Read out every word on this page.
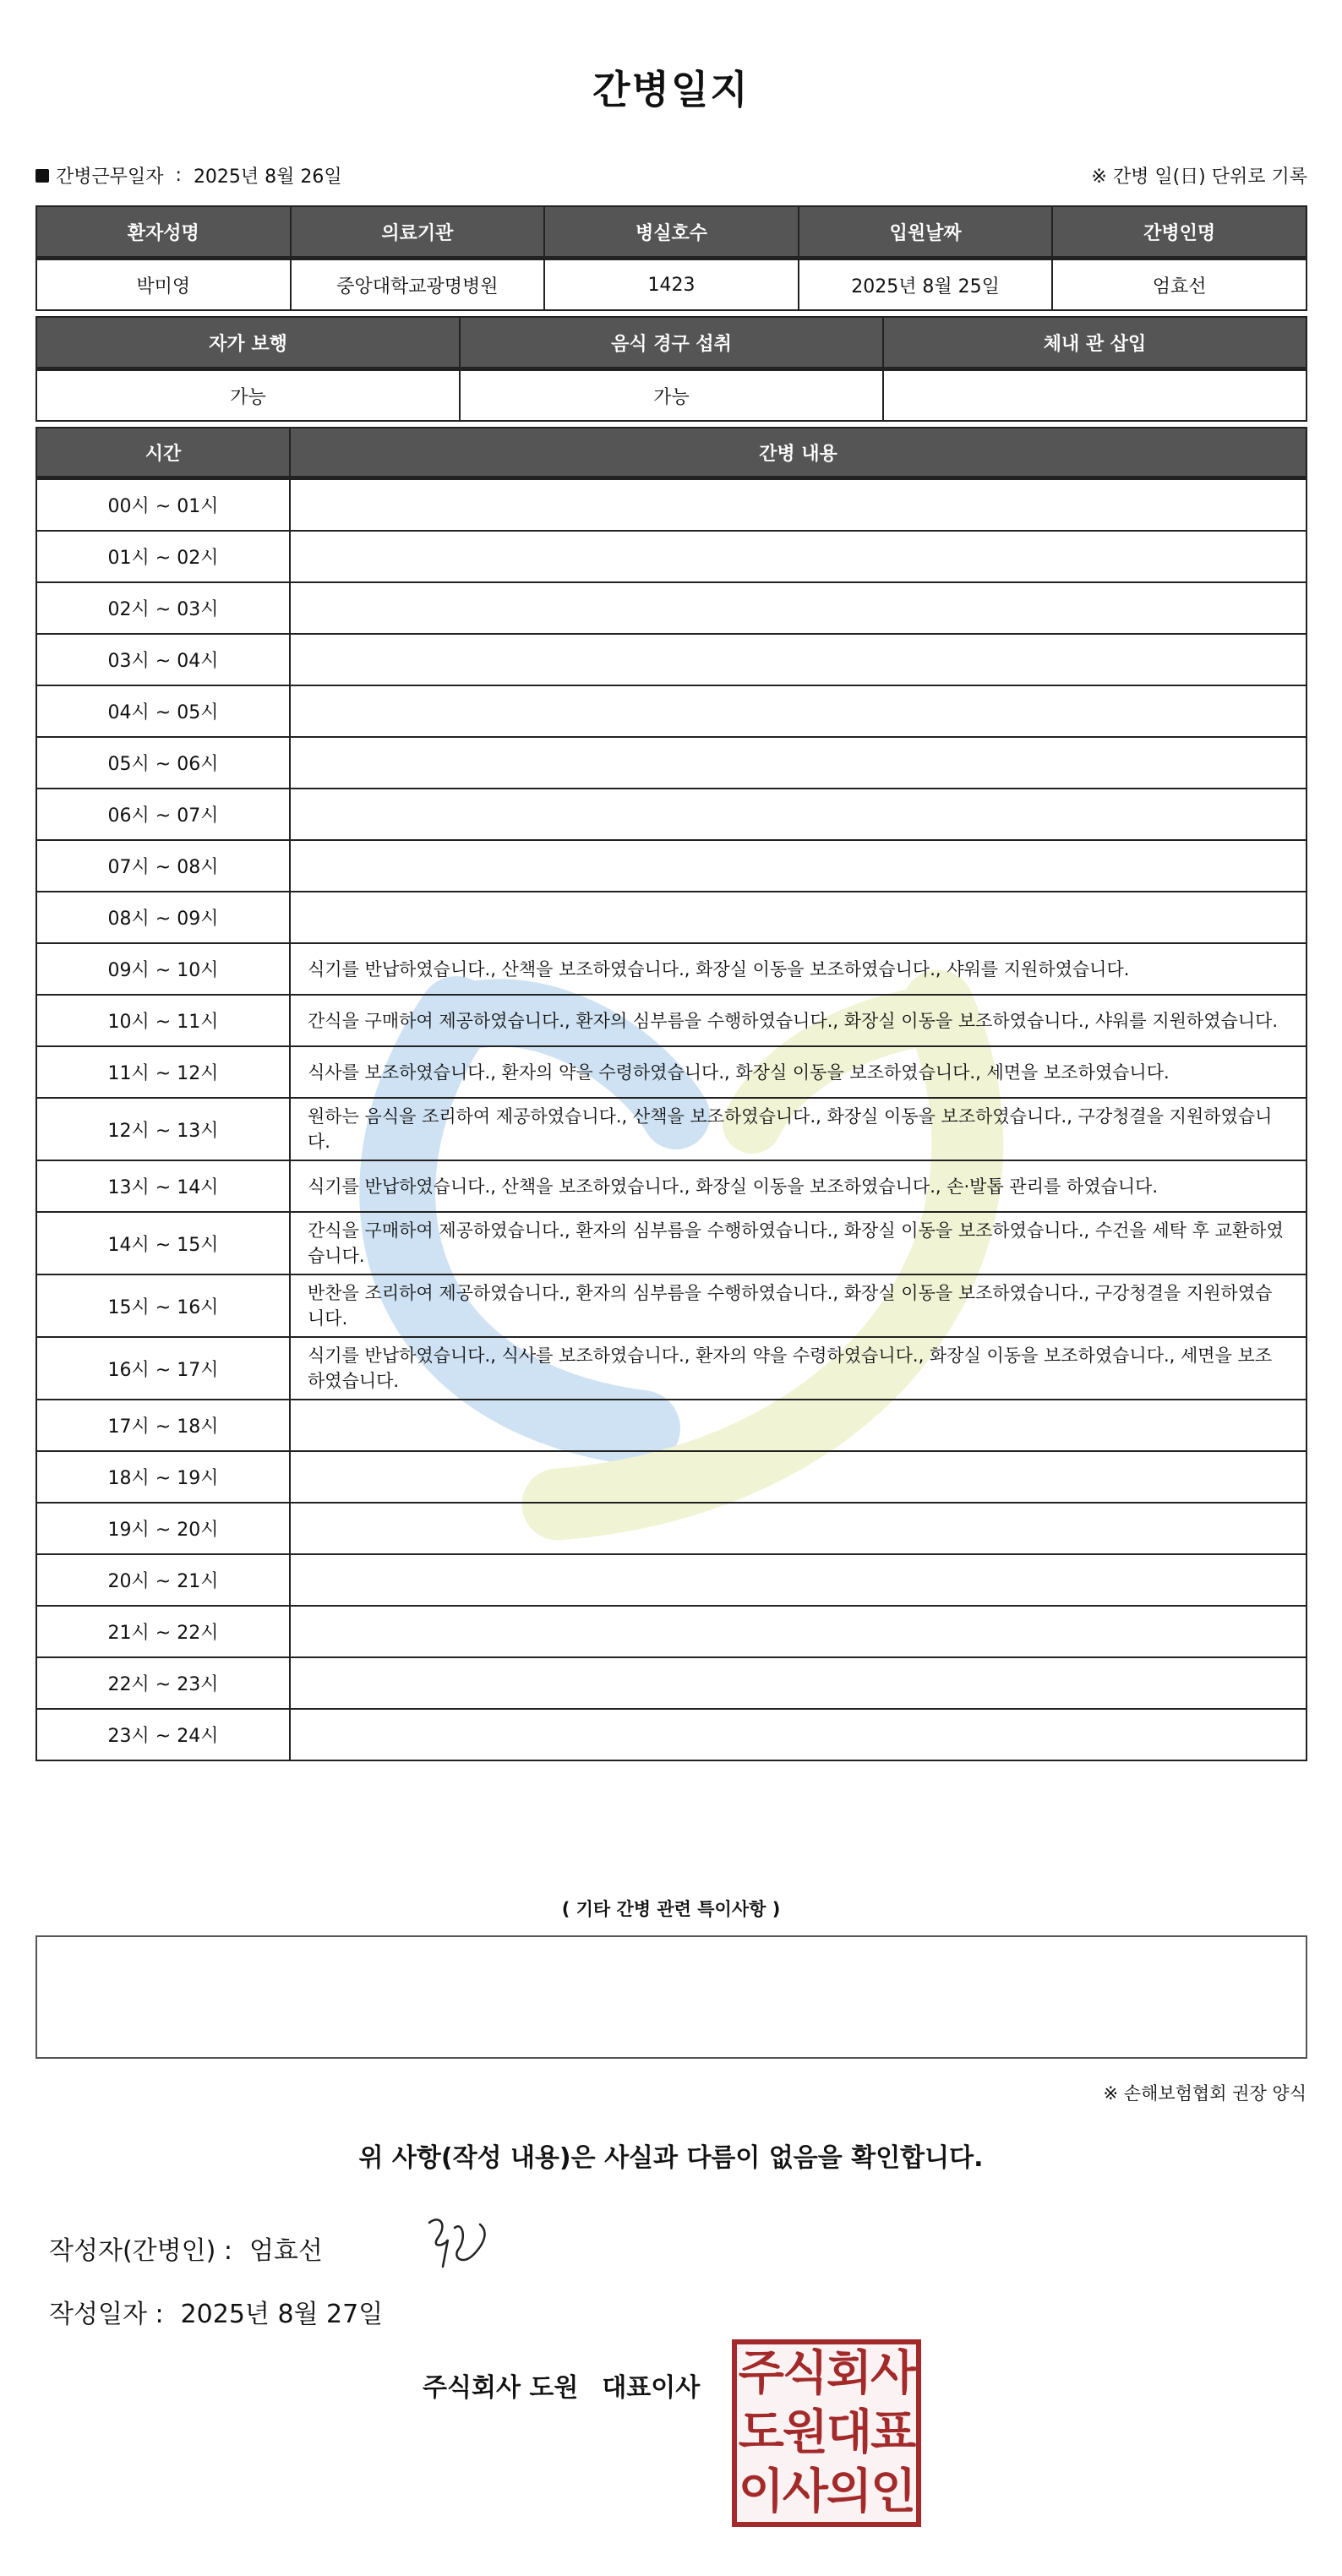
간병일지
간병근무일자 : 2025년 8월 26일	※ 간병 일(日) 단위로 기록
환자성명	의료기관	병실호수	입원날짜	간병인명
박미영	중앙대학교광명병원	1423	2025년 8월 25일	엄효선
자가 보행	음식 경구 섭취	체내 관 삽입
가능	가능	
시간	간병 내용
00시 ~ 01시	
01시 ~ 02시	
02시 ~ 03시	
03시 ~ 04시	
04시 ~ 05시	
05시 ~ 06시	
06시 ~ 07시	
07시 ~ 08시	
08시 ~ 09시	
09시 ~ 10시	식기를 반납하였습니다., 산책을 보조하였습니다., 화장실 이동을 보조하였습니다., 샤워를 지원하였습니다.
10시 ~ 11시	간식을 구매하여 제공하였습니다., 환자의 심부름을 수행하였습니다., 화장실 이동을 보조하였습니다., 샤워를 지원하였습니다.
11시 ~ 12시	식사를 보조하였습니다., 환자의 약을 수령하였습니다., 화장실 이동을 보조하였습니다., 세면을 보조하였습니다.
12시 ~ 13시	원하는 음식을 조리하여 제공하였습니다., 산책을 보조하였습니다., 화장실 이동을 보조하였습니다., 구강청결을 지원하였습니다.
13시 ~ 14시	식기를 반납하였습니다., 산책을 보조하였습니다., 화장실 이동을 보조하였습니다., 손·발톱 관리를 하였습니다.
14시 ~ 15시	간식을 구매하여 제공하였습니다., 환자의 심부름을 수행하였습니다., 화장실 이동을 보조하였습니다., 수건을 세탁 후 교환하였습니다.
15시 ~ 16시	반찬을 조리하여 제공하였습니다., 환자의 심부름을 수행하였습니다., 화장실 이동을 보조하였습니다., 구강청결을 지원하였습니다.
16시 ~ 17시	식기를 반납하였습니다., 식사를 보조하였습니다., 환자의 약을 수령하였습니다., 화장실 이동을 보조하였습니다., 세면을 보조하였습니다.
17시 ~ 18시	
18시 ~ 19시	
19시 ~ 20시	
20시 ~ 21시	
21시 ~ 22시	
22시 ~ 23시	
23시 ~ 24시	
( 기타 간병 관련 특이사항 )
※ 손해보험협회 권장 양식
위 사항(작성 내용)은 사실과 다름이 없음을 확인합니다.
작성자(간병인) : 엄효선
작성일자 : 2025년 8월 27일
주식회사 도원 대표이사 주식회사
도원대표
이사의인
